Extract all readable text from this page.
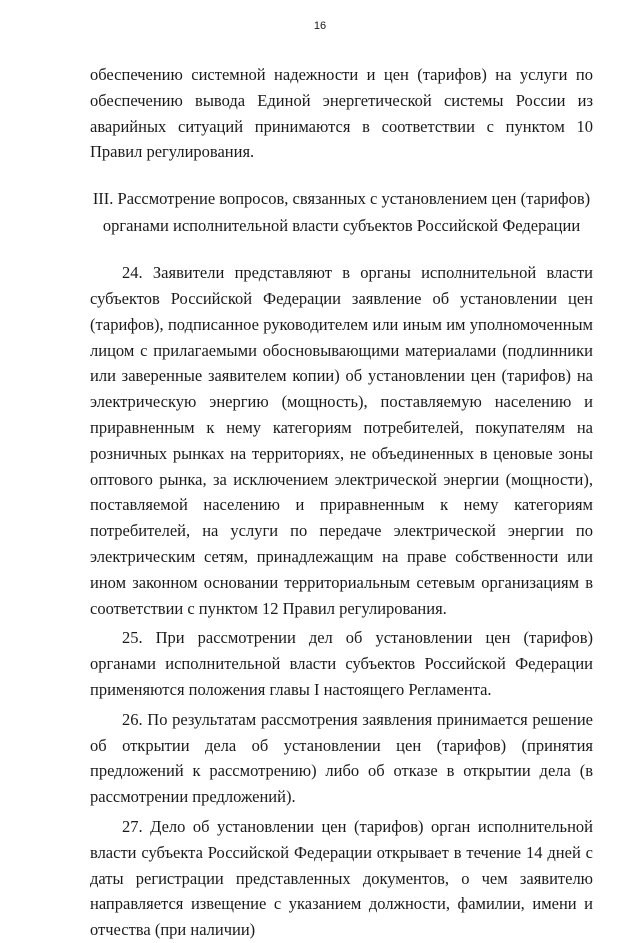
16

обеспечению системной надежности и цен (тарифов) на услуги по обеспечению вывода Единой энергетической системы России из аварийных ситуаций принимаются в соответствии с пунктом 10 Правил регулирования.

III. Рассмотрение вопросов, связанных с установлением цен (тарифов)
органами исполнительной власти субъектов Российской Федерации

24. Заявители представляют в органы исполнительной власти субъектов Российской Федерации заявление об установлении цен (тарифов), подписанное руководителем или иным им уполномоченным лицом с прилагаемыми обосновывающими материалами (подлинники или заверенные заявителем копии) об установлении цен (тарифов) на электрическую энергию (мощность), поставляемую населению и приравненным к нему категориям потребителей, покупателям на розничных рынках на территориях, не объединенных в ценовые зоны оптового рынка, за исключением электрической энергии (мощности), поставляемой населению и приравненным к нему категориям потребителей, на услуги по передаче электрической энергии по электрическим сетям, принадлежащим на праве собственности или ином законном основании территориальным сетевым организациям в соответствии с пунктом 12 Правил регулирования.

25. При рассмотрении дел об установлении цен (тарифов) органами исполнительной власти субъектов Российской Федерации применяются положения главы I настоящего Регламента.

26. По результатам рассмотрения заявления принимается решение об открытии дела об установлении цен (тарифов) (принятия предложений к рассмотрению) либо об отказе в открытии дела (в рассмотрении предложений).

27. Дело об установлении цен (тарифов) орган исполнительной власти субъекта Российской Федерации открывает в течение 14 дней с даты регистрации представленных документов, о чем заявителю направляется извещение с указанием должности, фамилии, имени и отчества (при наличии)
